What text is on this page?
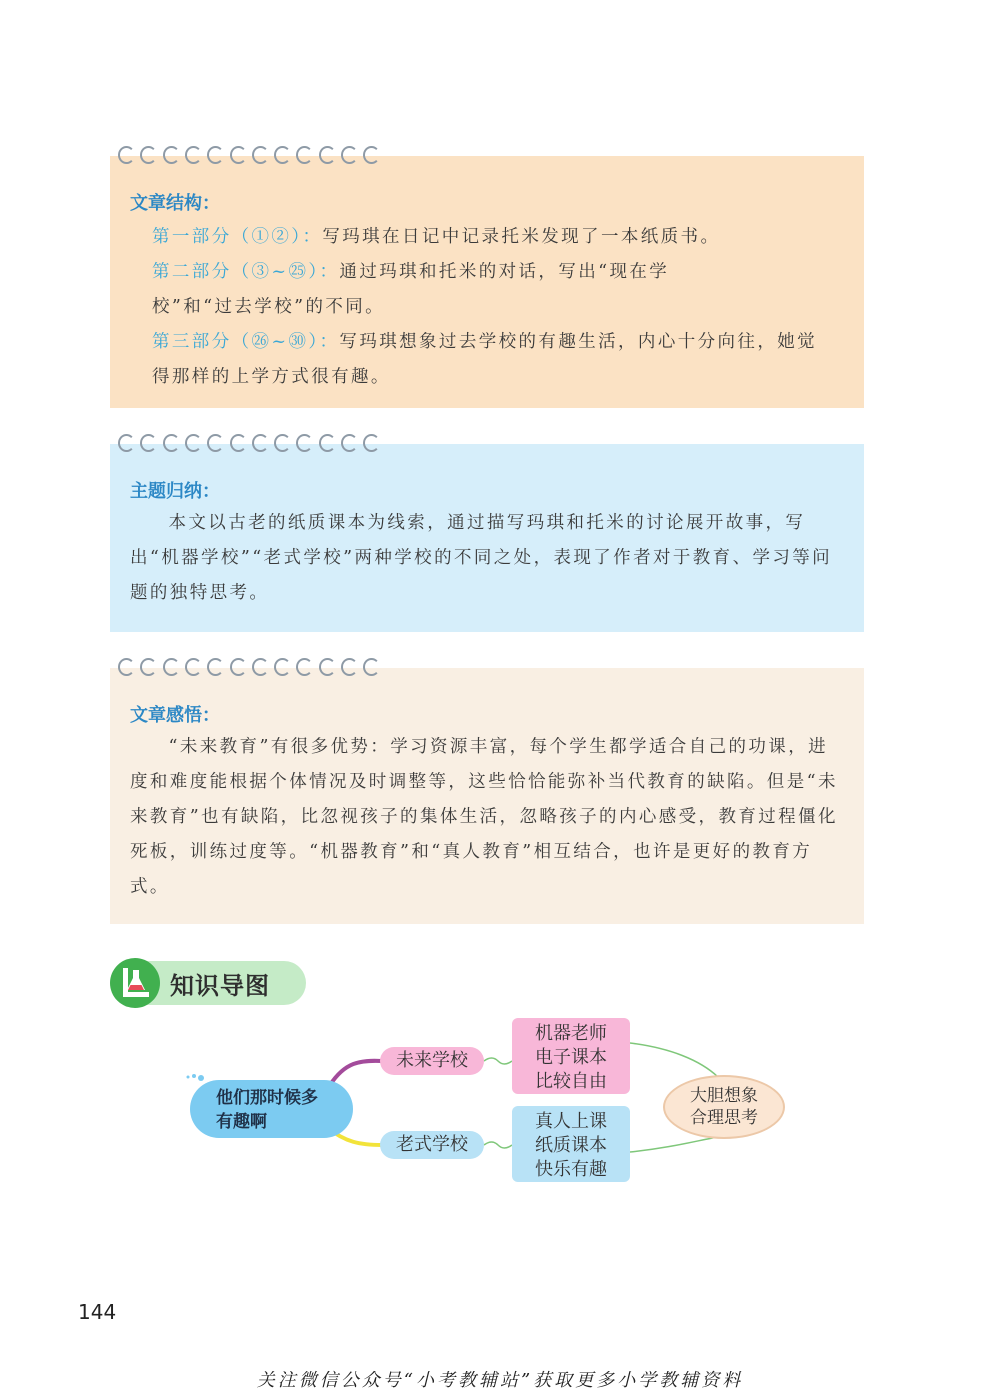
文章结构：

第一部分（①②）：写玛琪在日记中记录托米发现了一本纸质书。

第二部分（③~㉕）：通过玛琪和托米的对话，写出“现在学

校”和“过去学校”的不同。

第三部分（㉖~㉚）：写玛琪想象过去学校的有趣生活，内心十分向往，她觉

得那样的上学方式很有趣。

主题归纳：

本文以古老的纸质课本为线索，通过描写玛琪和托米的讨论展开故事，写出“机器学校”“老式学校”两种学校的不同之处，表现了作者对于教育、学习等问题的独特思考。

文章感悟：

“未来教育”有很多优势：学习资源丰富，每个学生都学适合自己的功课，进度和难度能根据个体情况及时调整等，这些恰恰能弥补当代教育的缺陷。但是“未来教育”也有缺陷，比忽视孩子的集体生活，忽略孩子的内心感受，教育过程僵化死板，训练过度等。“机器教育”和“真人教育”相互结合，也许是更好的教育方式。

知识导图
他们那时候多
有趣啊
未来学校
老式学校
机器老师
电子课本
比较自由
真人上课
纸质课本
快乐有趣
大胆想象
合理思考
144
关注微信公众号“小考教辅站”获取更多小学教辅资料
